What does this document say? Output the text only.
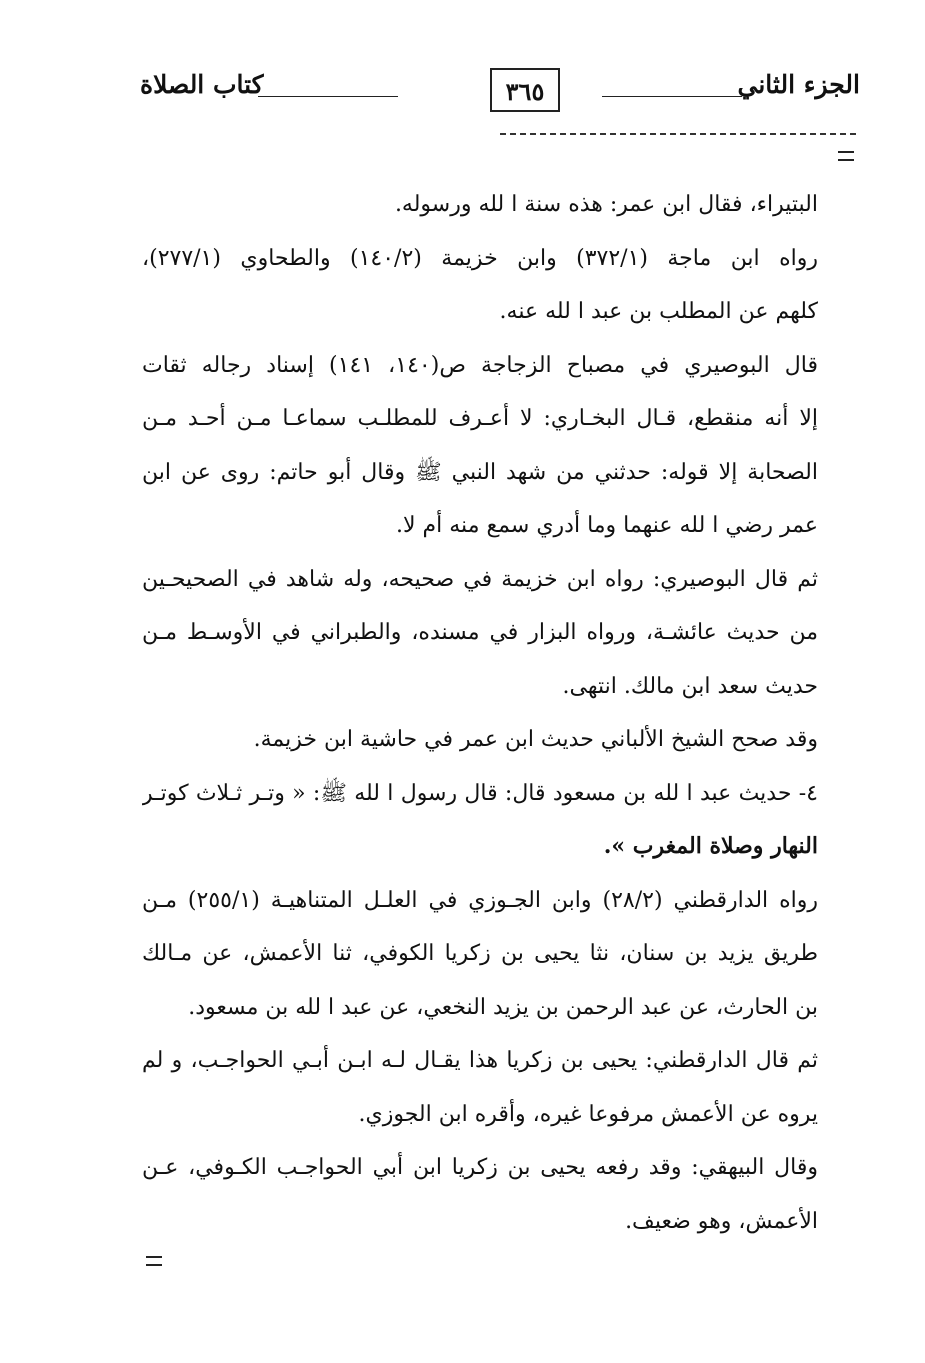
الجزء الثاني
٣٦٥
كتاب الصلاة
البتيراء، فقال ابن عمر: هذه سنة ا لله ورسوله.
رواه ابن ماجة (٣٧٢/١) وابن خزيمة (١٤٠/٢) والطحاوي (٢٧٧/١)،
كلهم عن المطلب بن عبد ا لله عنه.
قال البوصيري في مصباح الزجاجة ص(١٤٠، ١٤١) إسناد رجاله ثقات
إلا أنه منقطع، قـال البخـاري: لا أعـرف للمطلـب سماعـا مـن أحـد مـن
الصحابة إلا قوله: حدثني من شهد النبي ﷺ وقال أبو حاتم: روى عن ابن
عمر رضي ا لله عنهما وما أدري سمع منه أم لا.
ثم قال البوصيري: رواه ابن خزيمة في صحيحه، وله شاهد في الصحيحـين
من حديث عائشـة، ورواه البزار في مسنده، والطبراني في الأوسـط مـن
حديث سعد ابن مالك. انتهى.
وقد صحح الشيخ الألباني حديث ابن عمر في حاشية ابن خزيمة.
٤- حديث عبد ا لله بن مسعود قال: قال رسول ا لله ﷺ: « وتـر ثـلاث كوتـر
النهار وصلاة المغرب ».
رواه الدارقطني (٢٨/٢) وابن الجـوزي في العلـل المتناهيـة (٢٥٥/١) مـن
طريق يزيد بن سنان، نثا يحيى بن زكريا الكوفي، ثنا الأعمش، عن مـالك
بن الحارث، عن عبد الرحمن بن يزيد النخعي، عن عبد ا لله بن مسعود.
ثم قال الدارقطني: يحيى بن زكريا هذا يقـال لـه ابـن أبـي الحواجـب، و لم
يروه عن الأعمش مرفوعا غيره، وأقره ابن الجوزي.
وقال البيهقي: وقد رفعه يحيى بن زكريا ابن أبي الحواجـب الكـوفي، عـن
الأعمش، وهو ضعيف.
